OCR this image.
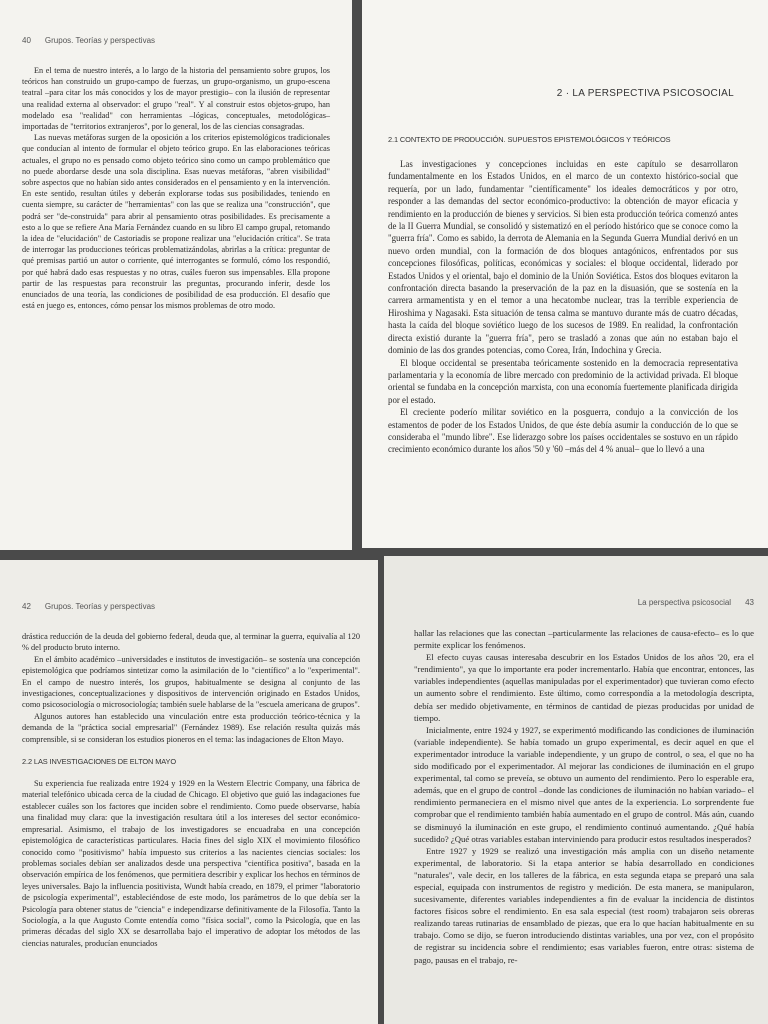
40 Grupos. Teorías y perspectivas

En el tema de nuestro interés, a lo largo de la historia del pensamiento sobre grupos, los teóricos han construido un grupo-campo de fuerzas, un grupo-organismo, un grupo-escena teatral –para citar los más conocidos y los de mayor prestigio– con la ilusión de representar una realidad externa al observador: el grupo "real". Y al construir estos objetos-grupo, han modelado esa "realidad" con herramientas –lógicas, conceptuales, metodológicas– importadas de "territorios extranjeros", por lo general, los de las ciencias consagradas.

Las nuevas metáforas surgen de la oposición a los criterios epistemológicos tradicionales que conducían al intento de formular el objeto teórico grupo. En las elaboraciones teóricas actuales, el grupo no es pensado como objeto teórico sino como un campo problemático que no puede abordarse desde una sola disciplina. Esas nuevas metáforas, "abren visibilidad" sobre aspectos que no habían sido antes considerados en el pensamiento y en la intervención. En este sentido, resultan útiles y deberán explorarse todas sus posibilidades, teniendo en cuenta siempre, su carácter de "herramientas" con las que se realiza una "construcción", que podrá ser "de-construida" para abrir al pensamiento otras posibilidades. Es precisamente a esto a lo que se refiere Ana María Fernández cuando en su libro El campo grupal, retomando la idea de "elucidación" de Castoriadis se propone realizar una "elucidación crítica". Se trata de interrogar las producciones teóricas problematizándolas, abrirlas a la crítica: preguntar de qué premisas partió un autor o corriente, qué interrogantes se formuló, cómo los respondió, por qué habrá dado esas respuestas y no otras, cuáles fueron sus impensables. Ella propone partir de las respuestas para reconstruir las preguntas, procurando inferir, desde los enunciados de una teoría, las condiciones de posibilidad de esa producción. El desafío que está en juego es, entonces, cómo pensar los mismos problemas de otro modo.

2 · LA PERSPECTIVA PSICOSOCIAL
2.1 CONTEXTO DE PRODUCCIÓN. SUPUESTOS EPISTEMOLÓGICOS Y TEÓRICOS

Las investigaciones y concepciones incluidas en este capítulo se desarrollaron fundamentalmente en los Estados Unidos, en el marco de un contexto histórico-social que requería, por un lado, fundamentar "científicamente" los ideales democráticos y por otro, responder a las demandas del sector económico-productivo: la obtención de mayor eficacia y rendimiento en la producción de bienes y servicios. Si bien esta producción teórica comenzó antes de la II Guerra Mundial, se consolidó y sistematizó en el período histórico que se conoce como la "guerra fría". Como es sabido, la derrota de Alemania en la Segunda Guerra Mundial derivó en un nuevo orden mundial, con la formación de dos bloques antagónicos, enfrentados por sus concepciones filosóficas, políticas, económicas y sociales: el bloque occidental, liderado por Estados Unidos y el oriental, bajo el dominio de la Unión Soviética. Estos dos bloques evitaron la confrontación directa basando la preservación de la paz en la disuasión, que se sostenía en la carrera armamentista y en el temor a una hecatombe nuclear, tras la terrible experiencia de Hiroshima y Nagasaki. Esta situación de tensa calma se mantuvo durante más de cuatro décadas, hasta la caída del bloque soviético luego de los sucesos de 1989. En realidad, la confrontación directa existió durante la "guerra fría", pero se trasladó a zonas que aún no estaban bajo el dominio de las dos grandes potencias, como Corea, Irán, Indochina y Grecia.

El bloque occidental se presentaba teóricamente sostenido en la democracia representativa parlamentaria y la economía de libre mercado con predominio de la actividad privada. El bloque oriental se fundaba en la concepción marxista, con una economía fuertemente planificada dirigida por el estado.

El creciente poderío militar soviético en la posguerra, condujo a la convicción de los estamentos de poder de los Estados Unidos, de que éste debía asumir la conducción de lo que se consideraba el "mundo libre". Ese liderazgo sobre los países occidentales se sostuvo en un rápido crecimiento económico durante los años '50 y '60 –más del 4 % anual– que lo llevó a una

42 Grupos. Teorías y perspectivas

drástica reducción de la deuda del gobierno federal, deuda que, al terminar la guerra, equivalía al 120 % del producto bruto interno.

En el ámbito académico –universidades e institutos de investigación– se sostenía una concepción epistemológica que podríamos sintetizar como la asimilación de lo "científico" a lo "experimental". En el campo de nuestro interés, los grupos, habitualmente se designa al conjunto de las investigaciones, conceptualizaciones y dispositivos de intervención originado en Estados Unidos, como psicosociología o microsociología; también suele hablarse de la "escuela americana de grupos".

Algunos autores han establecido una vinculación entre esta producción teórico-técnica y la demanda de la "práctica social empresarial" (Fernández 1989). Ese relación resulta quizás más comprensible, si se consideran los estudios pioneros en el tema: las indagaciones de Elton Mayo.

2.2 LAS INVESTIGACIONES DE ELTON MAYO

Su experiencia fue realizada entre 1924 y 1929 en la Western Electric Company, una fábrica de material telefónico ubicada cerca de la ciudad de Chicago. El objetivo que guió las indagaciones fue establecer cuáles son los factores que inciden sobre el rendimiento. Como puede observarse, había una finalidad muy clara: que la investigación resultara útil a los intereses del sector económico-empresarial. Asimismo, el trabajo de los investigadores se encuadraba en una concepción epistemológica de características particulares. Hacia fines del siglo XIX el movimiento filosófico conocido como "positivismo" había impuesto sus criterios a las nacientes ciencias sociales: los problemas sociales debían ser analizados desde una perspectiva "científica positiva", basada en la observación empírica de los fenómenos, que permitiera describir y explicar los hechos en términos de leyes universales. Bajo la influencia positivista, Wundt había creado, en 1879, el primer "laboratorio de psicología experimental", estableciéndose de este modo, los parámetros de lo que debía ser la Psicología para obtener status de "ciencia" e independizarse definitivamente de la Filosofía. Tanto la Sociología, a la que Augusto Comte entendía como "física social", como la Psicología, que en las primeras décadas del siglo XX se desarrollaba bajo el imperativo de adoptar los métodos de las ciencias naturales, producían enunciados

La perspectiva psicosocial 43

hallar las relaciones que las conectan –particularmente las relaciones de causa-efecto– es lo que permite explicar los fenómenos.

El efecto cuyas causas interesaba descubrir en los Estados Unidos de los años '20, era el "rendimiento", ya que lo importante era poder incrementarlo. Había que encontrar, entonces, las variables independientes (aquellas manipuladas por el experimentador) que tuvieran como efecto un aumento sobre el rendimiento. Este último, como correspondía a la metodología descripta, debía ser medido objetivamente, en términos de cantidad de piezas producidas por unidad de tiempo.

Inicialmente, entre 1924 y 1927, se experimentó modificando las condiciones de iluminación (variable independiente). Se había tomado un grupo experimental, es decir aquel en que el experimentador introduce la variable independiente, y un grupo de control, o sea, el que no ha sido modificado por el experimentador. Al mejorar las condiciones de iluminación en el grupo experimental, tal como se preveía, se obtuvo un aumento del rendimiento. Pero lo esperable era, además, que en el grupo de control –donde las condiciones de iluminación no habían variado– el rendimiento permaneciera en el mismo nivel que antes de la experiencia. Lo sorprendente fue comprobar que el rendimiento también había aumentado en el grupo de control. Más aún, cuando se disminuyó la iluminación en este grupo, el rendimiento continuó aumentando. ¿Qué había sucedido? ¿Qué otras variables estaban interviniendo para producir estos resultados inesperados?

Entre 1927 y 1929 se realizó una investigación más amplia con un diseño netamente experimental, de laboratorio. Si la etapa anterior se había desarrollado en condiciones "naturales", vale decir, en los talleres de la fábrica, en esta segunda etapa se preparó una sala especial, equipada con instrumentos de registro y medición. De esta manera, se manipularon, sucesivamente, diferentes variables independientes a fin de evaluar la incidencia de distintos factores físicos sobre el rendimiento. En esa sala especial (test room) trabajaron seis obreras realizando tareas rutinarias de ensamblado de piezas, que era lo que hacían habitualmente en su trabajo. Como se dijo, se fueron introduciendo distintas variables, una por vez, con el propósito de registrar su incidencia sobre el rendimiento; esas variables fueron, entre otras: sistema de pago, pausas en el trabajo, re-
